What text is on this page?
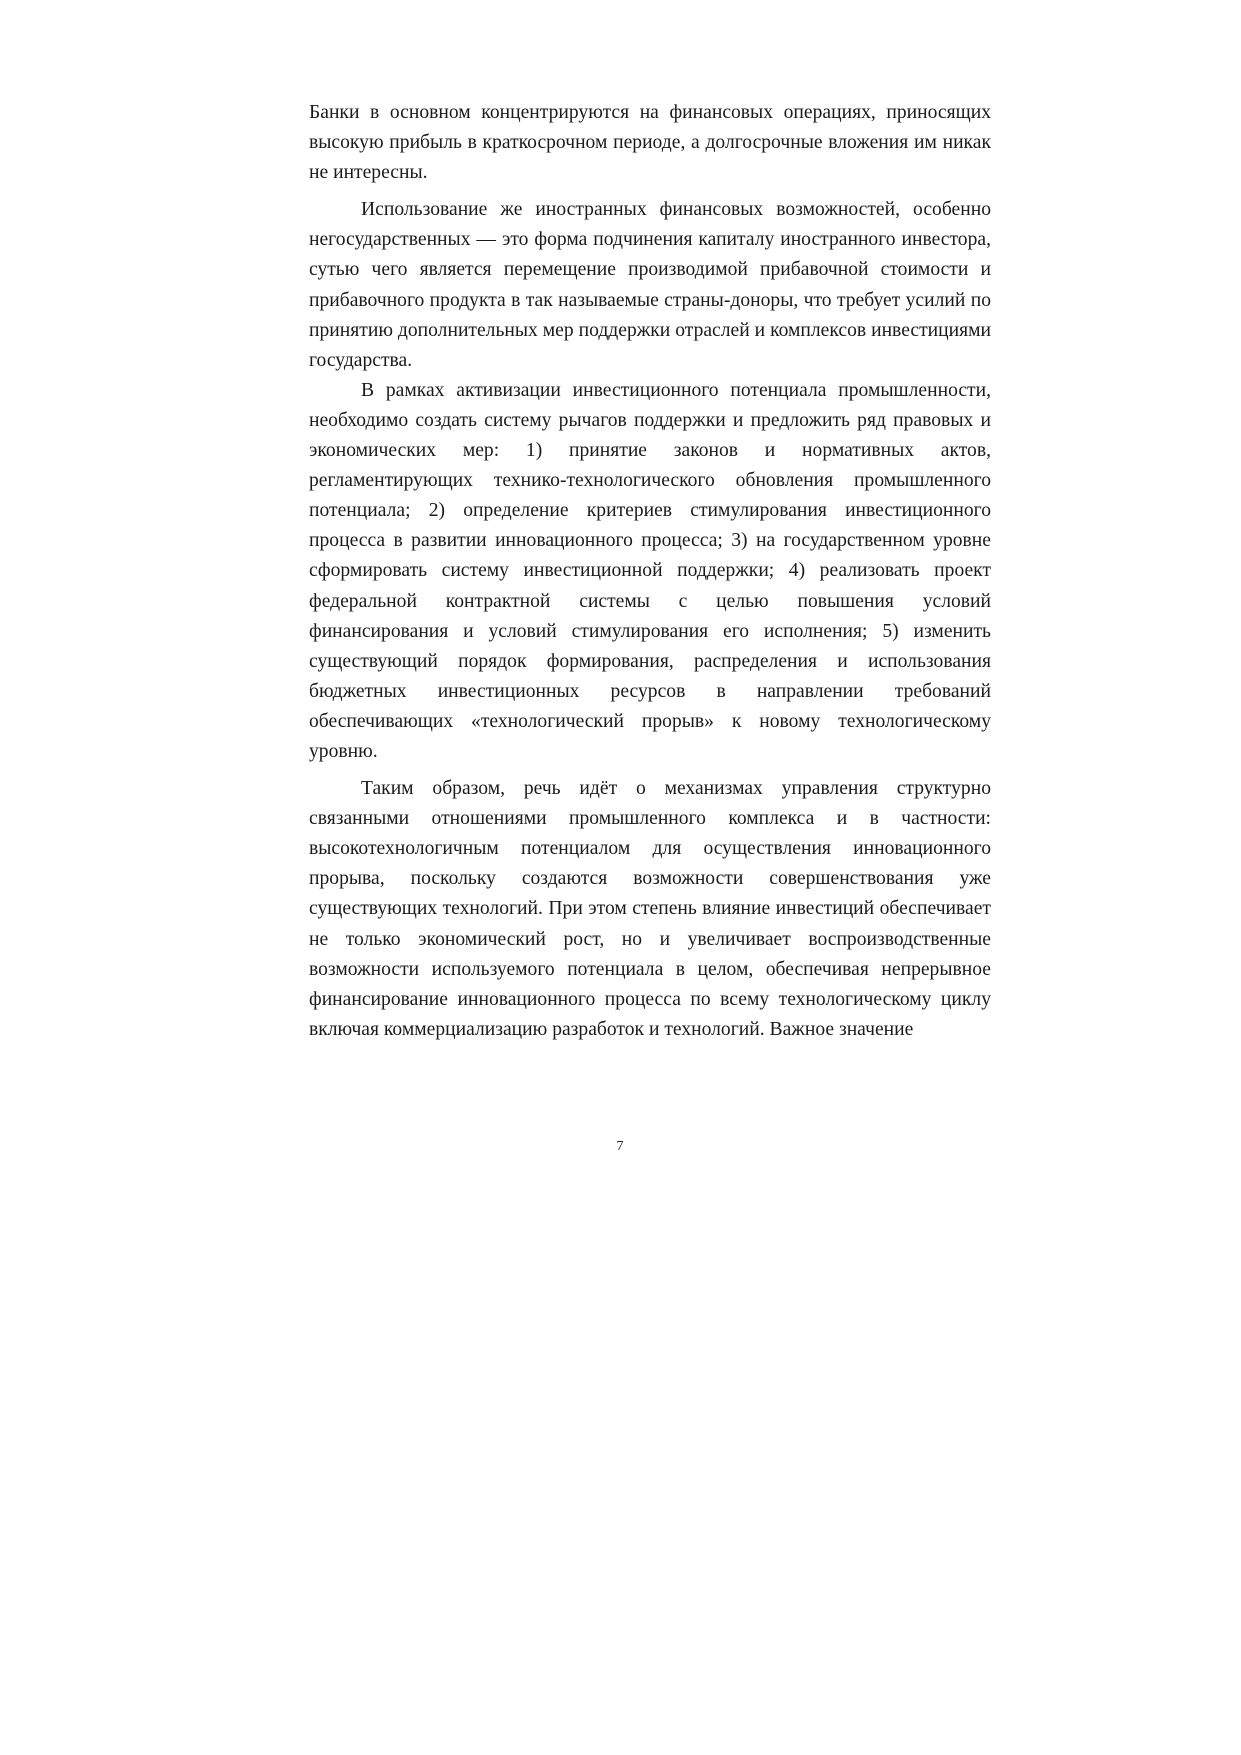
Банки в основном концентрируются на финансовых операциях, приносящих высокую прибыль в краткосрочном периоде, а долгосрочные вложения им никак не интересны.

Использование же иностранных финансовых возможностей, особенно негосударственных — это форма подчинения капиталу иностранного инвестора, сутью чего является перемещение производимой прибавочной стоимости и прибавочного продукта в так называемые страны-доноры, что требует усилий по принятию дополнительных мер поддержки отраслей и комплексов инвестициями государства.

В рамках активизации инвестиционного потенциала промышленности, необходимо создать систему рычагов поддержки и предложить ряд правовых и экономических мер: 1) принятие законов и нормативных актов, регламентирующих технико-технологического обновления промышленного потенциала; 2) определение критериев стимулирования инвестиционного процесса в развитии инновационного процесса; 3) на государственном уровне сформировать систему инвестиционной поддержки; 4) реализовать проект федеральной контрактной системы с целью повышения условий финансирования и условий стимулирования его исполнения; 5) изменить существующий порядок формирования, распределения и использования бюджетных инвестиционных ресурсов в направлении требований обеспечивающих «технологический прорыв» к новому технологическому уровню.

Таким образом, речь идёт о механизмах управления структурно связанными отношениями промышленного комплекса и в частности: высокотехнологичным потенциалом для осуществления инновационного прорыва, поскольку создаются возможности совершенствования уже существующих технологий. При этом степень влияние инвестиций обеспечивает не только экономический рост, но и увеличивает воспроизводственные возможности используемого потенциала в целом, обеспечивая непрерывное финансирование инновационного процесса по всему технологическому циклу включая коммерциализацию разработок и технологий. Важное значение

7
